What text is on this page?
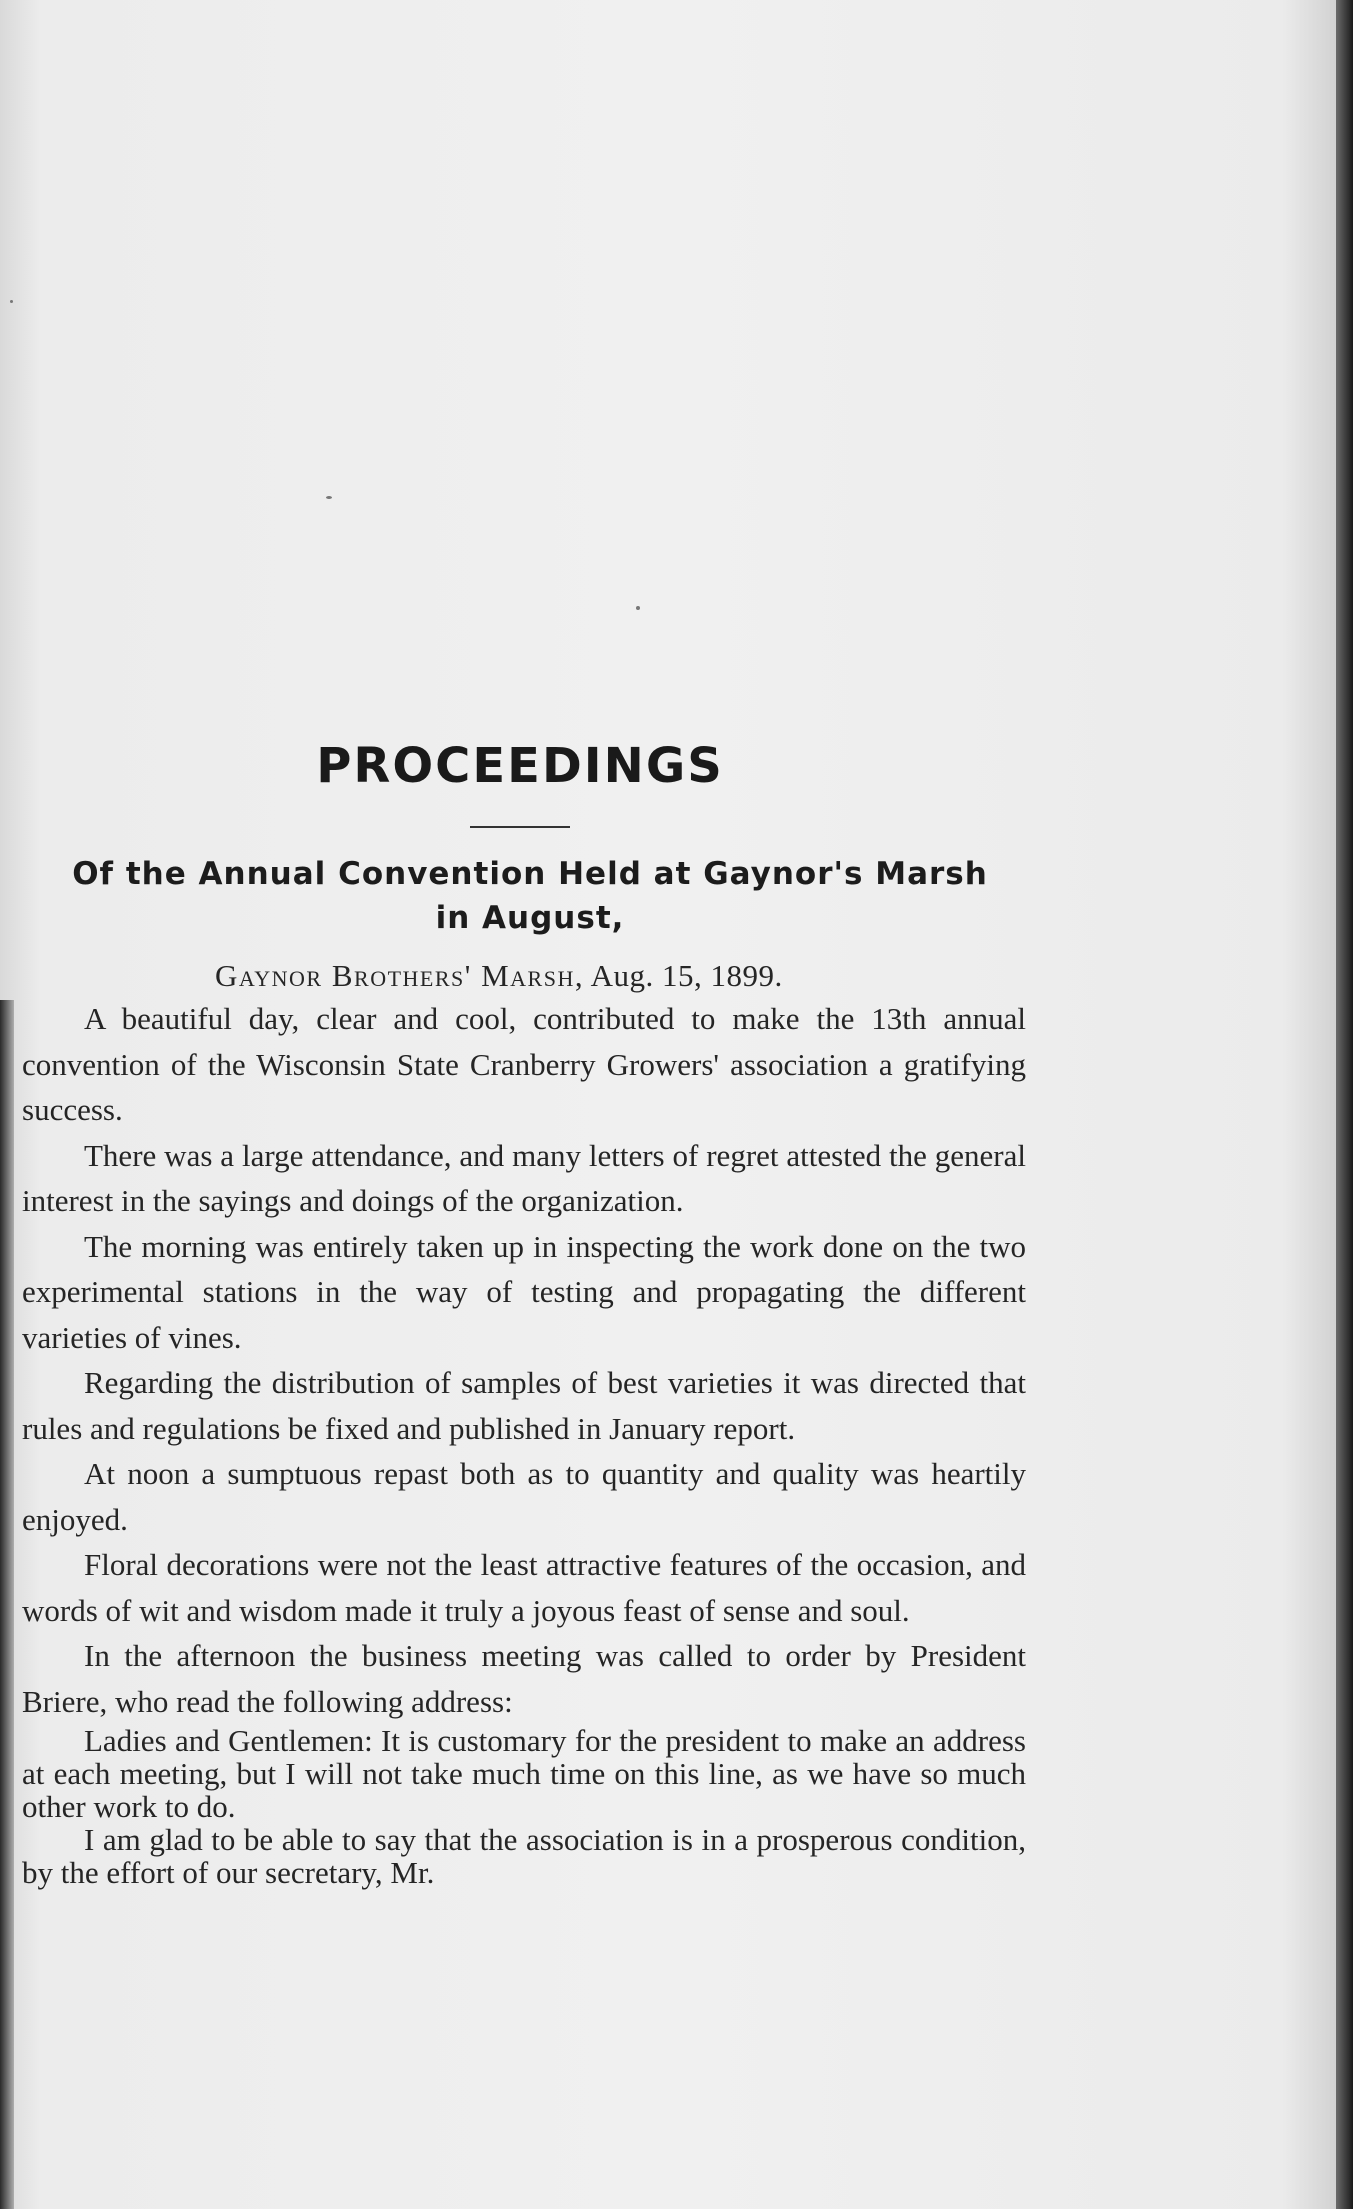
PROCEEDINGS
Of the Annual Convention Held at Gaynor's Marsh
in August,
Gaynor Brothers' Marsh, Aug. 15, 1899.

A beautiful day, clear and cool, contributed to make the 13th annual convention of the Wisconsin State Cranberry Growers' association a gratifying success.

There was a large attendance, and many letters of regret attested the general interest in the sayings and doings of the organization.

The morning was entirely taken up in inspecting the work done on the two experimental stations in the way of testing and propagating the different varieties of vines.

Regarding the distribution of samples of best varieties it was directed that rules and regulations be fixed and published in January report.

At noon a sumptuous repast both as to quantity and quality was heartily enjoyed.

Floral decorations were not the least attractive features of the occasion, and words of wit and wisdom made it truly a joyous feast of sense and soul.

In the afternoon the business meeting was called to order by President Briere, who read the following address:

Ladies and Gentlemen: It is customary for the president to make an address at each meeting, but I will not take much time on this line, as we have so much other work to do.

I am glad to be able to say that the association is in a prosperous condition, by the effort of our secretary, Mr.
